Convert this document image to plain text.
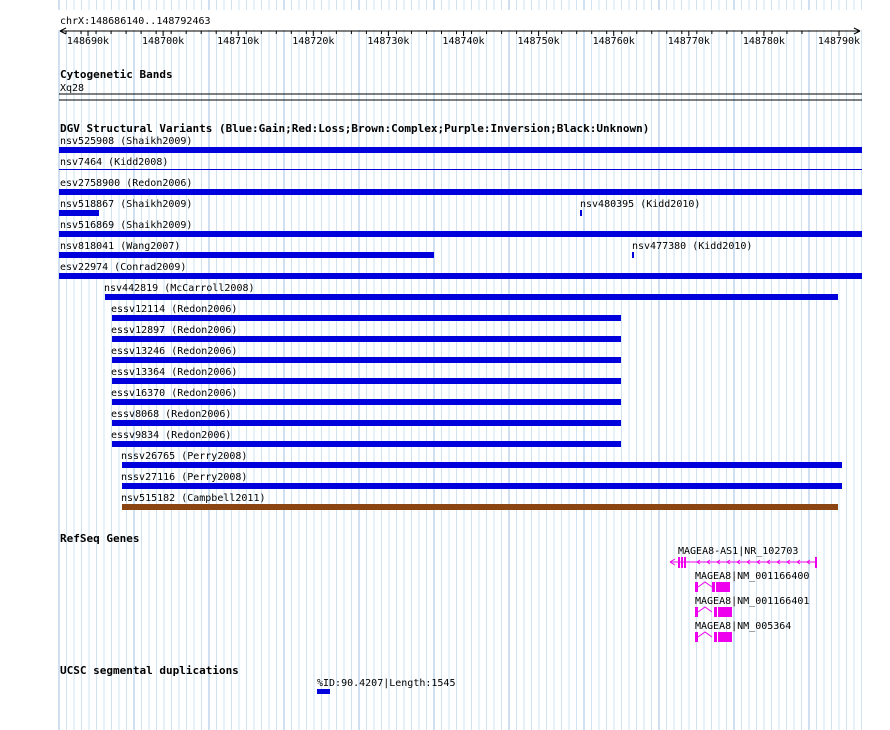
chrX:148686140..148792463
148690k	148700k	148710k	148720k	148730k	148740k	148750k	148760k	148770k	148780k	148790k
Cytogenetic Bands
Xq28
DGV Structural Variants (Blue:Gain;Red:Loss;Brown:Complex;Purple:Inversion;Black:Unknown)
nsv525908 (Shaikh2009)
nsv7464 (Kidd2008)
esv2758900 (Redon2006)
nsv518867 (Shaikh2009)	nsv480395 (Kidd2010)
nsv516869 (Shaikh2009)
nsv818041 (Wang2007)	nsv477380 (Kidd2010)
esv22974 (Conrad2009)
nsv442819 (McCarroll2008)
essv12114 (Redon2006)
essv12897 (Redon2006)
essv13246 (Redon2006)
essv13364 (Redon2006)
essv16370 (Redon2006)
essv8068 (Redon2006)
essv9834 (Redon2006)
nssv26765 (Perry2008)
nssv27116 (Perry2008)
nsv515182 (Campbell2011)
RefSeq Genes
MAGEA8-AS1|NR_102703
MAGEA8|NM_001166400
MAGEA8|NM_001166401
MAGEA8|NM_005364
UCSC segmental duplications
%ID:90.4207|Length:1545
